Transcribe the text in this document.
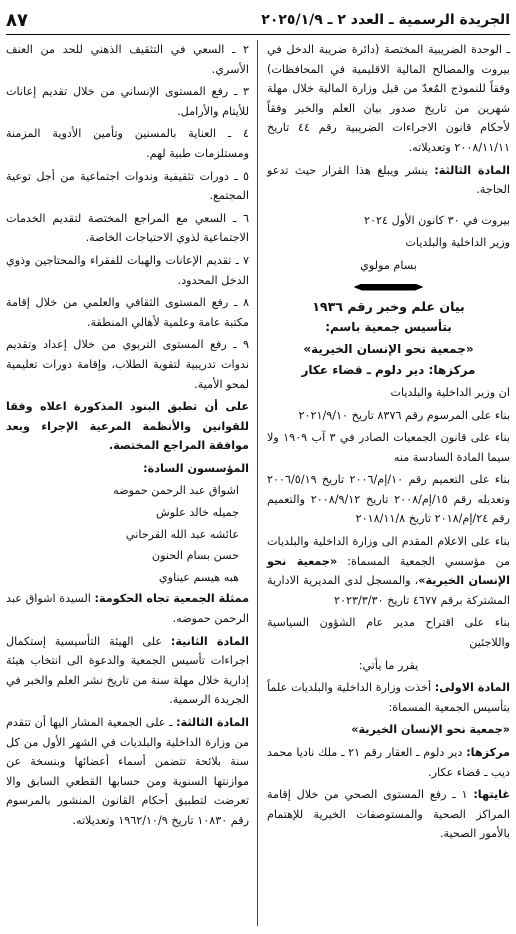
الجريدة الرسمية ـ العدد ٢ ـ ٢٠٢٥/١/٩
٨٧

ـ الوحدة الضريبية المختصة (دائرة ضريبة الدخل في بيروت والمصالح المالية الاقليمية في المحافظات) وفقاً للنموذج المُعدّ من قبل وزارة المالية خلال مهلة شهرين من تاريخ صدور بيان العلم والخبر وفقاً لأحكام قانون الاجراءات الضريبية رقم ٤٤ تاريخ ٢٠٠٨/١١/١١ وتعديلاته.

المادة الثالثة: ينشر ويبلغ هذا القرار حيث تدعو الحاجة.

بيروت في ٣٠ كانون الأول ٢٠٢٤

وزير الداخلية والبلديات

بسام مولوي

بيان علم وخبر رقم ١٩٣٦

بتأسيس جمعية باسم:

«جمعية نحو الإنسان الخيرية»

مركزها: دير دلوم ـ قضاء عكار

ان وزير الداخلية والبلديات

بناء على المرسوم رقم ٨٣٧٦ تاريخ ٢٠٢١/٩/١٠

بناء على قانون الجمعيات الصادر في ٣ آب ١٩٠٩ ولا سيما المادة السادسة منه

بناء على التعميم رقم ١٠/إم/٢٠٠٦ تاريخ ٢٠٠٦/٥/١٩ وتعديله رقم ١٥/إم/٢٠٠٨ تاريخ ٢٠٠٨/٩/١٢ والتعميم رقم ٢٤/إم/٢٠١٨ تاريخ ٢٠١٨/١١/٨

بناء على الاعلام المقدم الى وزارة الداخلية والبلديات من مؤسسي الجمعية المسماة: «جمعية نحو الإنسان الخيرية»، والمسجل لدى المديرية الادارية المشتركة برقم ٤٦٧٧ تاريخ ٢٠٢٣/٣/٣٠

بناء على اقتراح مدير عام الشؤون السياسية واللاجئين

يقرر ما يأتي:

المادة الاولى: أخذت وزارة الداخلية والبلديات علماً بتأسيس الجمعية المسماة:

«جمعية نحو الإنسان الخيرية»

مركزها: دير دلوم ـ العقار رقم ٢١ ـ ملك ناديا محمد ديب ـ قضاء عكار.

غايتها: ١ ـ رفع المستوى الصحي من خلال إقامة المراكز الصحية والمستوصفات الخيرية للإهتمام بالأمور الصحية.

٢ ـ السعي في التثقيف الذهني للحد من العنف الأسري.

٣ ـ رفع المستوى الإنساني من خلال تقديم إعانات للأيتام والأرامل.

٤ ـ العناية بالمسنين وتأمين الأدوية المزمنة ومستلزمات طبية لهم.

٥ ـ دورات تثقيفية وندوات اجتماعية من أجل توعية المجتمع.

٦ ـ السعي مع المراجع المختصة لتقديم الخدمات الاجتماعية لذوي الاحتياجات الخاصة.

٧ ـ تقديم الإعانات والهبات للفقراء والمحتاجين وذوي الدخل المحدود.

٨ ـ رفع المستوى الثقافي والعلمي من خلال إقامة مكتبة عامة وعلمية لأهالي المنطقة.

٩ ـ رفع المستوى التربوي من خلال إعداد وتقديم ندوات تدريبية لتقوية الطلاب، وإقامة دورات تعليمية لمحو الأمية.

على أن تطبق البنود المذكورة اعلاه وفقا للقوانين والأنظمة المرعية الإجراء وبعد موافقة المراجع المختصة.

المؤسسون السادة:

اشواق عبد الرحمن حموضه

جميله خالد علوش

عائشه عبد الله القرحاني

حسن بسام الحنون

هبه هيسم عيناوي

ممثلة الجمعية تجاه الحكومة: السيدة اشواق عبد الرحمن حموضه.

المادة الثانية: على الهيئة التأسيسية إستكمال اجراءات تأسيس الجمعية والدعوة الى انتخاب هيئة إدارية خلال مهلة سنة من تاريخ نشر العلم والخبر في الجريدة الرسمية.

المادة الثالثة: ـ على الجمعية المشار اليها أن تتقدم من وزارة الداخلية والبلديات في الشهر الأول من كل سنة بلائحة تتضمن أسماء أعضائها وبنسخة عن موازنتها السنوية ومن حسابها القطعي السابق والا تعرضت لتطبيق أحكام القانون المنشور بالمرسوم رقم ١٠٨٣٠ تاريخ ١٩٦٢/١٠/٩ وتعديلاته.
